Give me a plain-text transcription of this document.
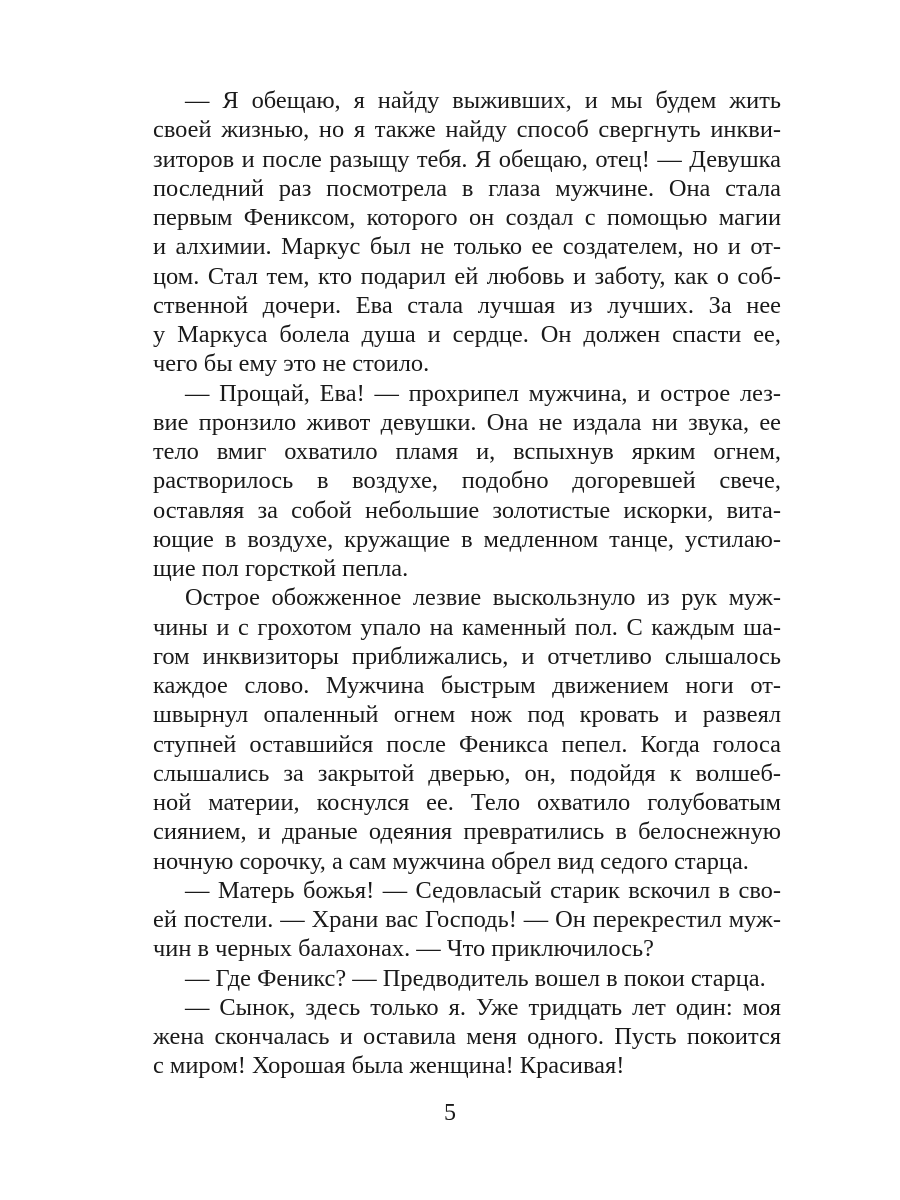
— Я обещаю, я найду выживших, и мы будем жить
своей жизнью, но я также найду способ свергнуть инкви-
зиторов и после разыщу тебя. Я обещаю, отец! — Девушка
последний раз посмотрела в глаза мужчине. Она стала
первым Фениксом, которого он создал с помощью магии
и алхимии. Маркус был не только ее создателем, но и от-
цом. Стал тем, кто подарил ей любовь и заботу, как о соб-
ственной дочери. Ева стала лучшая из лучших. За нее
у Маркуса болела душа и сердце. Он должен спасти ее,
чего бы ему это не стоило.
— Прощай, Ева! — прохрипел мужчина, и острое лез-
вие пронзило живот девушки. Она не издала ни звука, ее
тело вмиг охватило пламя и, вспыхнув ярким огнем,
растворилось в воздухе, подобно догоревшей свече,
оставляя за собой небольшие золотистые искорки, вита-
ющие в воздухе, кружащие в медленном танце, устилаю-
щие пол горсткой пепла.
Острое обожженное лезвие выскользнуло из рук муж-
чины и с грохотом упало на каменный пол. С каждым ша-
гом инквизиторы приближались, и отчетливо слышалось
каждое слово. Мужчина быстрым движением ноги от-
швырнул опаленный огнем нож под кровать и развеял
ступней оставшийся после Феникса пепел. Когда голоса
слышались за закрытой дверью, он, подойдя к волшеб-
ной материи, коснулся ее. Тело охватило голубоватым
сиянием, и драные одеяния превратились в белоснежную
ночную сорочку, а сам мужчина обрел вид седого старца.
— Матерь божья! — Седовласый старик вскочил в сво-
ей постели. — Храни вас Господь! — Он перекрестил муж-
чин в черных балахонах. — Что приключилось?
— Где Феникс? — Предводитель вошел в покои старца.
— Сынок, здесь только я. Уже тридцать лет один: моя
жена скончалась и оставила меня одного. Пусть покоится
с миром! Хорошая была женщина! Красивая!
5
